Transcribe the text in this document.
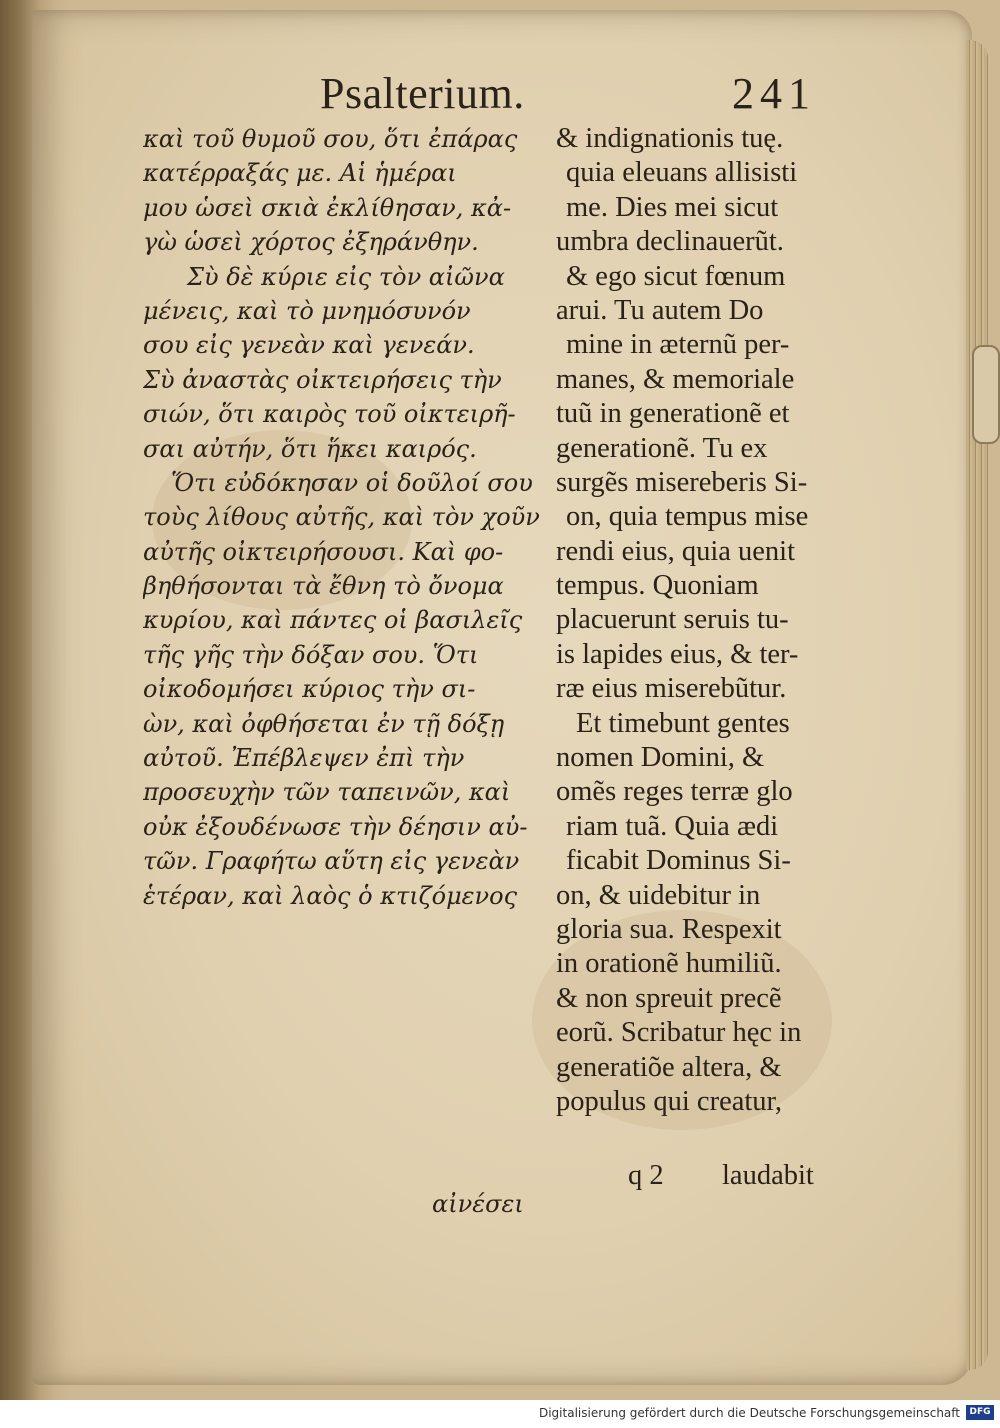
Psalterium.	241
καὶ τοῦ θυμοῦ σου, ὅτι ἐπάρας
κατέρραξάς με. Αἱ ἡμέραι
μου ὡσεὶ σκιὰ ἐκλίθησαν, κἀ-
γὼ ὡσεὶ χόρτος ἐξηράνθην.
Σὺ δὲ κύριε εἰς τὸν αἰῶνα
μένεις, καὶ τὸ μνημόσυνόν
σου εἰς γενεὰν καὶ γενεάν.
Σὺ ἀναστὰς οἰκτειρήσεις τὴν
σιών, ὅτι καιρὸς τοῦ οἰκτειρῆ-
σαι αὐτήν, ὅτι ἥκει καιρός.
Ὅτι εὐδόκησαν οἱ δοῦλοί σου
τοὺς λίθους αὐτῆς, καὶ τὸν χοῦν
αὐτῆς οἰκτειρήσουσι. Καὶ φο-
βηθήσονται τὰ ἔθνη τὸ ὄνομα
κυρίου, καὶ πάντες οἱ βασιλεῖς
τῆς γῆς τὴν δόξαν σου. Ὅτι
οἰκοδομήσει κύριος τὴν σι-
ὼν, καὶ ὀφθήσεται ἐν τῇ δόξῃ
αὐτοῦ. Ἐπέβλεψεν ἐπὶ τὴν
προσευχὴν τῶν ταπεινῶν, καὶ
οὐκ ἐξουδένωσε τὴν δέησιν αὐ-
τῶν. Γραφήτω αὕτη εἰς γενεὰν
ἑτέραν, καὶ λαὸς ὁ κτιζόμενος
αἰνέσει
& indignationis tuę.
quia eleuans allisisti
me. Dies mei sicut
umbra declinauerũt.
& ego sicut fœnum
arui. Tu autem Do
mine in æternũ per-
manes, & memoriale
tuũ in generationẽ et
generationẽ. Tu ex
surgẽs misereberis Si-
on, quia tempus mise
rendi eius, quia uenit
tempus. Quoniam
placuerunt seruis tu-
is lapides eius, & ter-
ræ eius miserebũtur.
Et timebunt gentes
nomen Domini, &
omẽs reges terræ glo
riam tuã. Quia ædi
ficabit Dominus Si-
on, & uidebitur in
gloria sua. Respexit
in orationẽ humiliũ.
& non spreuit precẽ
eorũ. Scribatur hęc in
generatiõe altera, &
populus qui creatur,
q 2 laudabit
Digitalisierung gefördert durch die Deutsche Forschungsgemeinschaft	DFG
